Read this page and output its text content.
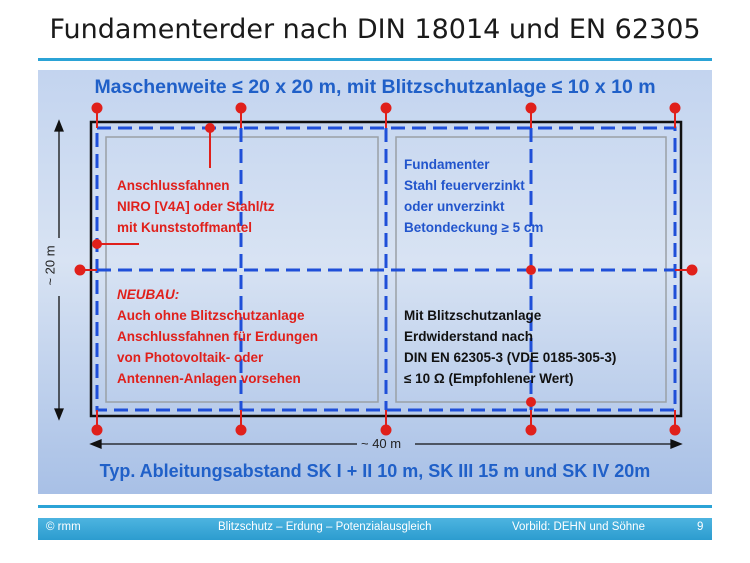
Fundamenterder nach DIN 18014 und EN 62305
Maschenweite ≤ 20 x 20 m, mit Blitzschutzanlage ≤ 10 x 10 m
~ 20 m
~ 40 m
Anschlussfahnen
NIRO [V4A] oder Stahl/tz
mit Kunststoffmantel
Fundamenter
Stahl feuerverzinkt
oder unverzinkt
Betondeckung ≥ 5 cm
NEUBAU:
Auch ohne Blitzschutzanlage
Anschlussfahnen für Erdungen
von Photovoltaik- oder
Antennen-Anlagen vorsehen
Mit Blitzschutzanlage
Erdwiderstand nach
DIN EN 62305-3 (VDE 0185-305-3)
≤ 10 Ω (Empfohlener Wert)
Typ. Ableitungsabstand SK I + II 10 m, SK III 15 m und SK IV 20m
© rmm	Blitzschutz – Erdung – Potenzialausgleich	Vorbild: DEHN und Söhne	9
